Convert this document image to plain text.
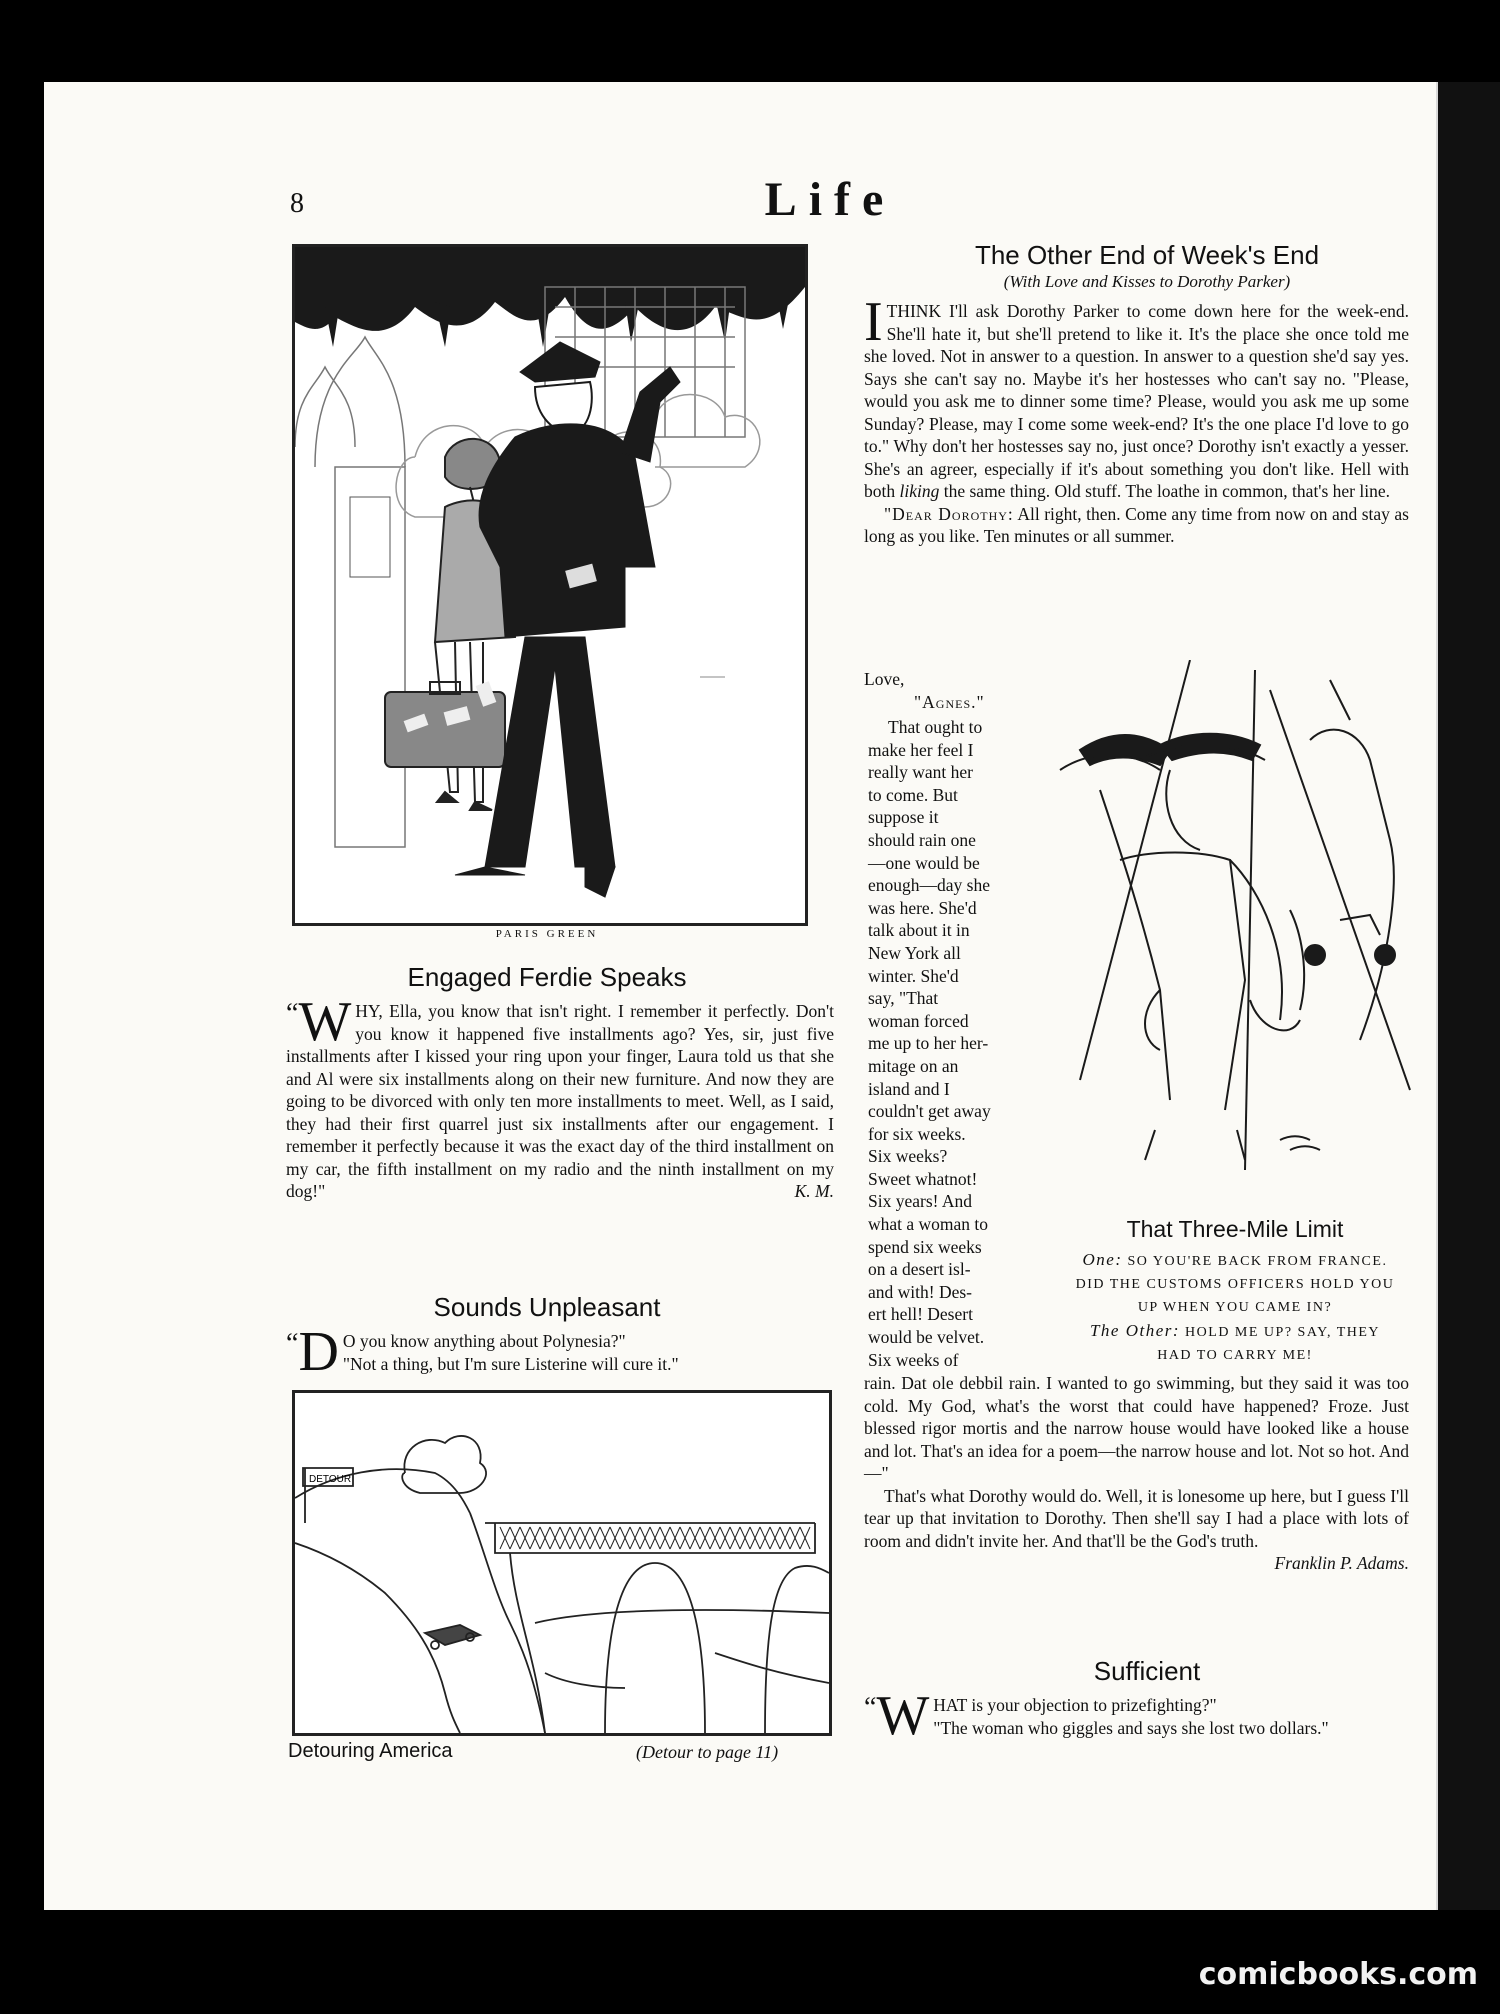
8	Life
PARIS GREEN
Engaged Ferdie Speaks
“ W HY, Ella, you know that isn't right. I remember it perfectly. Don't you know it happened five installments ago? Yes, sir, just five installments after I kissed your ring upon your finger, Laura told us that she and Al were six installments along on their new furniture. And now they are going to be divorced with only ten more installments to meet. Well, as I said, they had their first quarrel just six installments after our engagement. I remember it perfectly because it was the exact day of the third installment on my car, the fifth installment on my radio and the ninth installment on my dog!"	K. M.
Sounds Unpleasant
“ D O you know anything about Polynesia?"
"Not a thing, but I'm sure Listerine will cure it."
DETOUR
Detouring America	(Detour to page 11)
The Other End of Week's End
(With Love and Kisses to Dorothy Parker)
I THINK I'll ask Dorothy Parker to come down here for the week-end. She'll hate it, but she'll pretend to like it. It's the place she once told me she loved. Not in answer to a question. In answer to a question she'd say yes. Says she can't say no. Maybe it's her hostesses who can't say no. "Please, would you ask me to dinner some time? Please, would you ask me up some Sunday? Please, may I come some week-end? It's the one place I'd love to go to." Why don't her hostesses say no, just once? Dorothy isn't exactly a yesser. She's an agreer, especially if it's about something you don't like. Hell with both liking the same thing. Old stuff. The loathe in common, that's her line.
"Dear Dorothy: All right, then. Come any time from now on and stay as long as you like. Ten minutes or all summer.
Love,
"Agnes."
That ought to
make her feel I
really want her
to come. But
suppose it
should rain one
—one would be
enough—day she
was here. She'd
talk about it in
New York all
winter. She'd
say, "That
woman forced
me up to her her-
mitage on an
island and I
couldn't get away
for six weeks.
Six weeks?
Sweet whatnot!
Six years! And
what a woman to
spend six weeks
on a desert isl-
and with! Des-
ert hell! Desert
would be velvet.
Six weeks of
That Three-Mile Limit
One: SO YOU'RE BACK FROM FRANCE.
DID THE CUSTOMS OFFICERS HOLD YOU
UP WHEN YOU CAME IN?
The Other: HOLD ME UP? SAY, THEY
HAD TO CARRY ME!
rain. Dat ole debbil rain. I wanted to go swimming, but they said it was too cold. My God, what's the worst that could have happened? Froze. Just blessed rigor mortis and the narrow house would have looked like a house and lot. That's an idea for a poem—the narrow house and lot. Not so hot. And—"
That's what Dorothy would do. Well, it is lonesome up here, but I guess I'll tear up that invitation to Dorothy. Then she'll say I had a place with lots of room and didn't invite her. And that'll be the God's truth.
Franklin P. Adams.
Sufficient
“ W HAT is your objection to prizefighting?"
"The woman who giggles and says she lost two dollars."
comicbooks.com
